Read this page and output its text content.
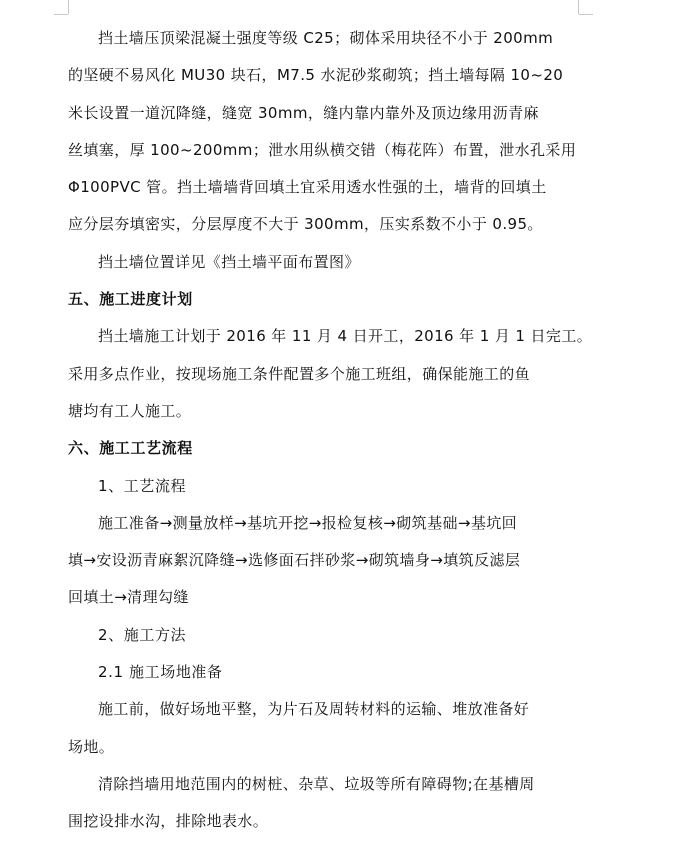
挡土墙压顶梁混凝土强度等级 C25；砌体采用块径不小于 200mm
的坚硬不易风化 MU30 块石，M7.5 水泥砂浆砌筑；挡土墙每隔 10~20
米长设置一道沉降缝，缝宽 30mm，缝内靠内靠外及顶边缘用沥青麻
丝填塞，厚 100~200mm；泄水用纵横交错（梅花阵）布置，泄水孔采用
Φ100PVC 管。挡土墙墙背回填土宜采用透水性强的土，墙背的回填土
应分层夯填密实，分层厚度不大于 300mm，压实系数不小于 0.95。

挡土墙位置详见《挡土墙平面布置图》

五、施工进度计划

挡土墙施工计划于 2016 年 11 月 4 日开工，2016 年 1 月 1 日完工。
采用多点作业，按现场施工条件配置多个施工班组，确保能施工的鱼
塘均有工人施工。

六、施工工艺流程

1、工艺流程

施工准备→测量放样→基坑开挖→报检复核→砌筑基础→基坑回
填→安设沥青麻絮沉降缝→选修面石拌砂浆→砌筑墙身→填筑反滤层
回填土→清理勾缝

2、施工方法

2.1 施工场地准备

施工前，做好场地平整，为片石及周转材料的运输、堆放准备好
场地。

清除挡墙用地范围内的树桩、杂草、垃圾等所有障碍物;在基槽周
围挖设排水沟，排除地表水。
